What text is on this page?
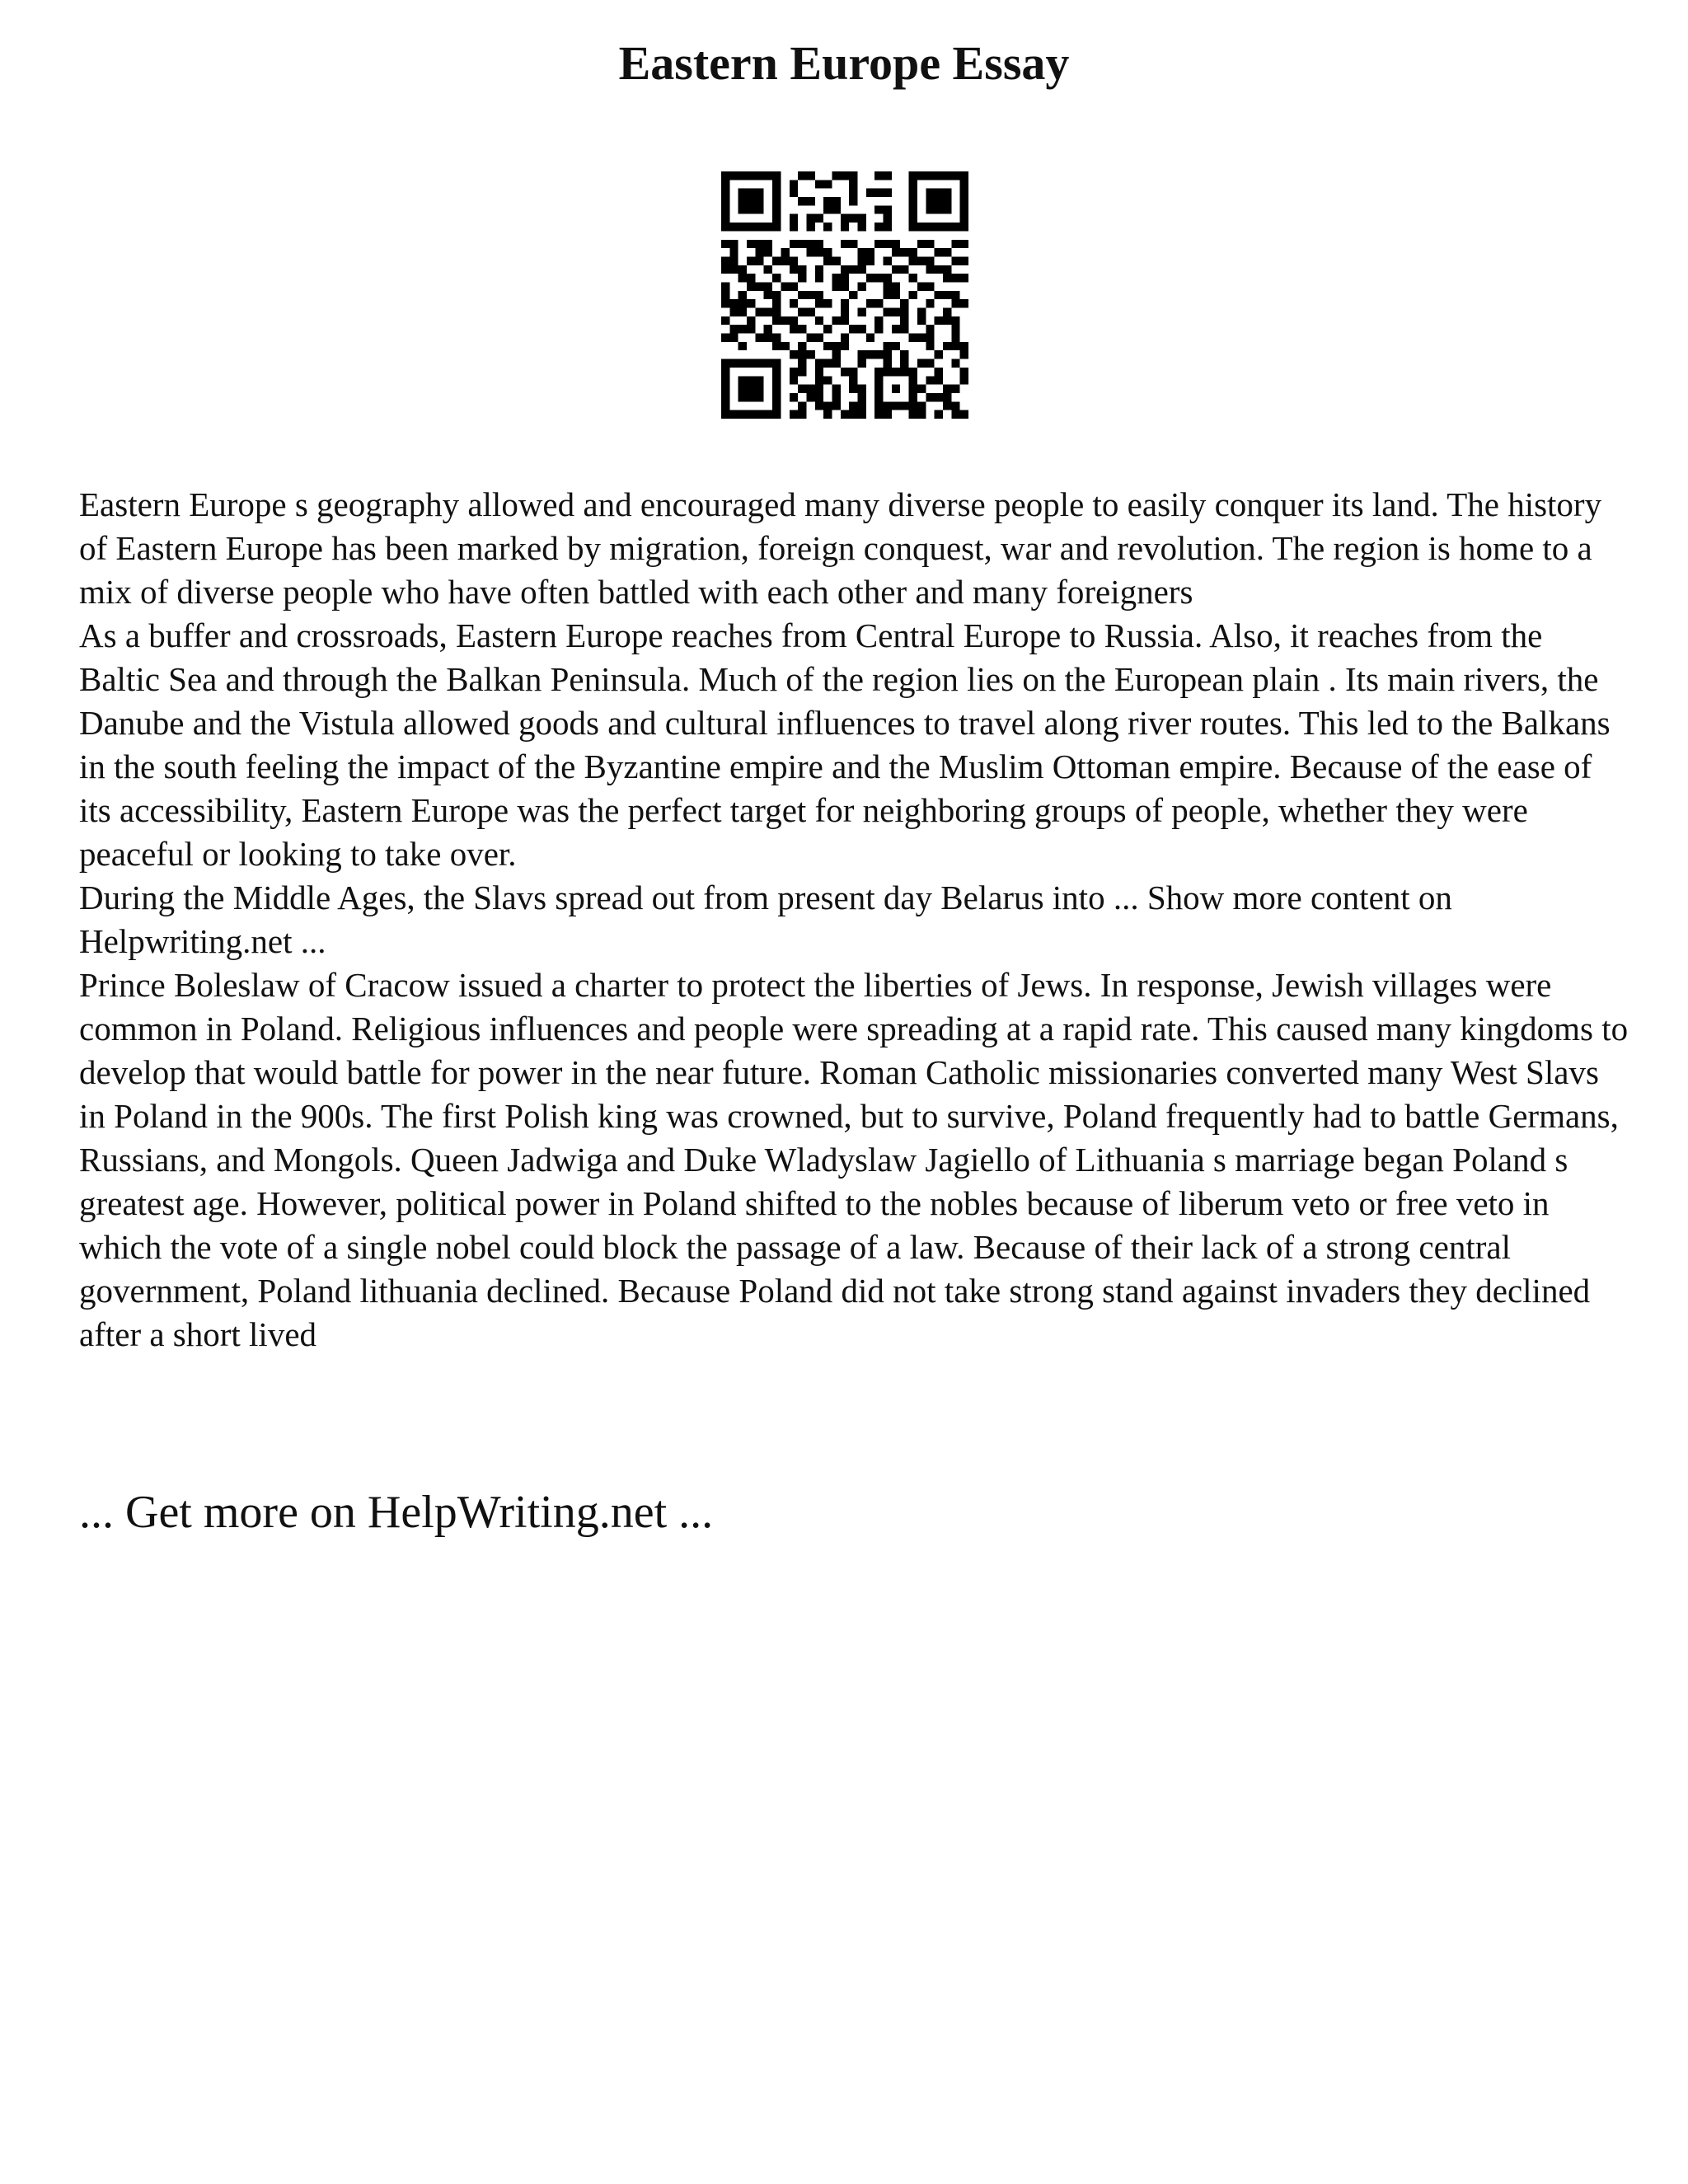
Eastern Europe Essay

Eastern Europe s geography allowed and encouraged many diverse people to easily conquer its land. The history of Eastern Europe has been marked by migration, foreign conquest, war and revolution. The region is home to a mix of diverse people who have often battled with each other and many foreigners

As a buffer and crossroads, Eastern Europe reaches from Central Europe to Russia. Also, it reaches from the Baltic Sea and through the Balkan Peninsula. Much of the region lies on the European plain . Its main rivers, the Danube and the Vistula allowed goods and cultural influences to travel along river routes. This led to the Balkans in the south feeling the impact of the Byzantine empire and the Muslim Ottoman empire. Because of the ease of its accessibility, Eastern Europe was the perfect target for neighboring groups of people, whether they were peaceful or looking to take over.

During the Middle Ages, the Slavs spread out from present day Belarus into ... Show more content on Helpwriting.net ...

Prince Boleslaw of Cracow issued a charter to protect the liberties of Jews. In response, Jewish villages were common in Poland. Religious influences and people were spreading at a rapid rate. This caused many kingdoms to develop that would battle for power in the near future. Roman Catholic missionaries converted many West Slavs in Poland in the 900s. The first Polish king was crowned, but to survive, Poland frequently had to battle Germans, Russians, and Mongols. Queen Jadwiga and Duke Wladyslaw Jagiello of Lithuania s marriage began Poland s greatest age. However, political power in Poland shifted to the nobles because of liberum veto or free veto in which the vote of a single nobel could block the passage of a law. Because of their lack of a strong central government, Poland lithuania declined. Because Poland did not take strong stand against invaders they declined after a short lived

... Get more on HelpWriting.net ...
